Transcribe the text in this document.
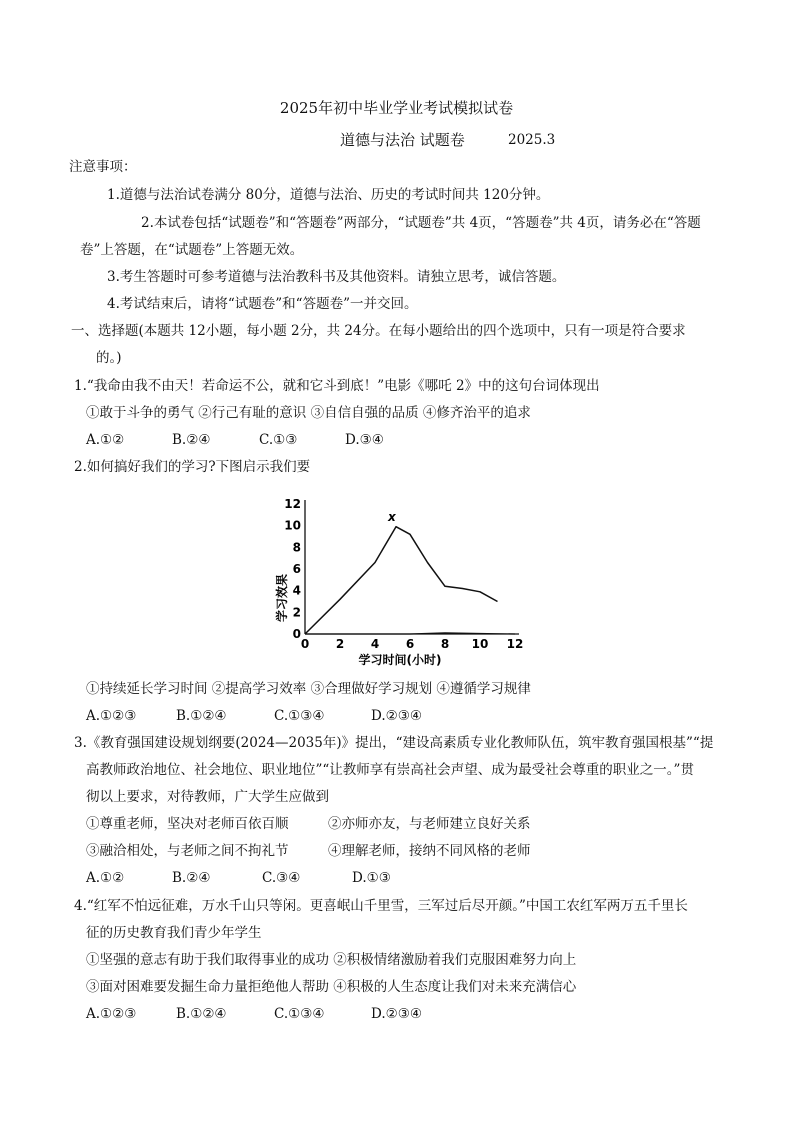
2025年初中毕业学业考试模拟试卷
道德与法治 试题卷	2025.3
注意事项：
1.道德与法治试卷满分 80分，道德与法治、历史的考试时间共 120分钟。
2.本试卷包括“试题卷”和“答题卷”两部分，“试题卷”共 4页，“答题卷”共 4页，请务必在“答题
卷”上答题，在“试题卷”上答题无效。
3.考生答题时可参考道德与法治教科书及其他资料。请独立思考，诚信答题。
4.考试结束后，请将“试题卷”和“答题卷”一并交回。
一、选择题(本题共 12小题，每小题 2分，共 24分。在每小题给出的四个选项中，只有一项是符合要求
的。)
1.“我命由我不由天！若命运不公，就和它斗到底！”电影《哪吒 2》中的这句台词体现出
①敢于斗争的勇气 ②行己有耻的意识 ③自信自强的品质 ④修齐治平的追求
A.①②	B.②④	C.①③	D.③④
2.如何搞好我们的学习?下图启示我们要
0 2 4 6 8 10 12
0
2
4
6
8
10
12
x
学习效果
学习时间(小时)
①持续延长学习时间 ②提高学习效率 ③合理做好学习规划 ④遵循学习规律
A.①②③	B.①②④	C.①③④	D.②③④
3.《教育强国建设规划纲要(2024—2035年)》提出，“建设高素质专业化教师队伍，筑牢教育强国根基”“提
高教师政治地位、社会地位、职业地位”“让教师享有崇高社会声望、成为最受社会尊重的职业之一。”贯
彻以上要求，对待教师，广大学生应做到
①尊重老师，坚决对老师百依百顺	②亦师亦友，与老师建立良好关系
③融洽相处，与老师之间不拘礼节	④理解老师，接纳不同风格的老师
A.①②	B.②④	C.③④	D.①③
4.“红军不怕远征难，万水千山只等闲。更喜岷山千里雪，三军过后尽开颜。”中国工农红军两万五千里长
征的历史教育我们青少年学生
①坚强的意志有助于我们取得事业的成功 ②积极情绪激励着我们克服困难努力向上
③面对困难要发掘生命力量拒绝他人帮助 ④积极的人生态度让我们对未来充满信心
A.①②③	B.①②④	C.①③④	D.②③④
